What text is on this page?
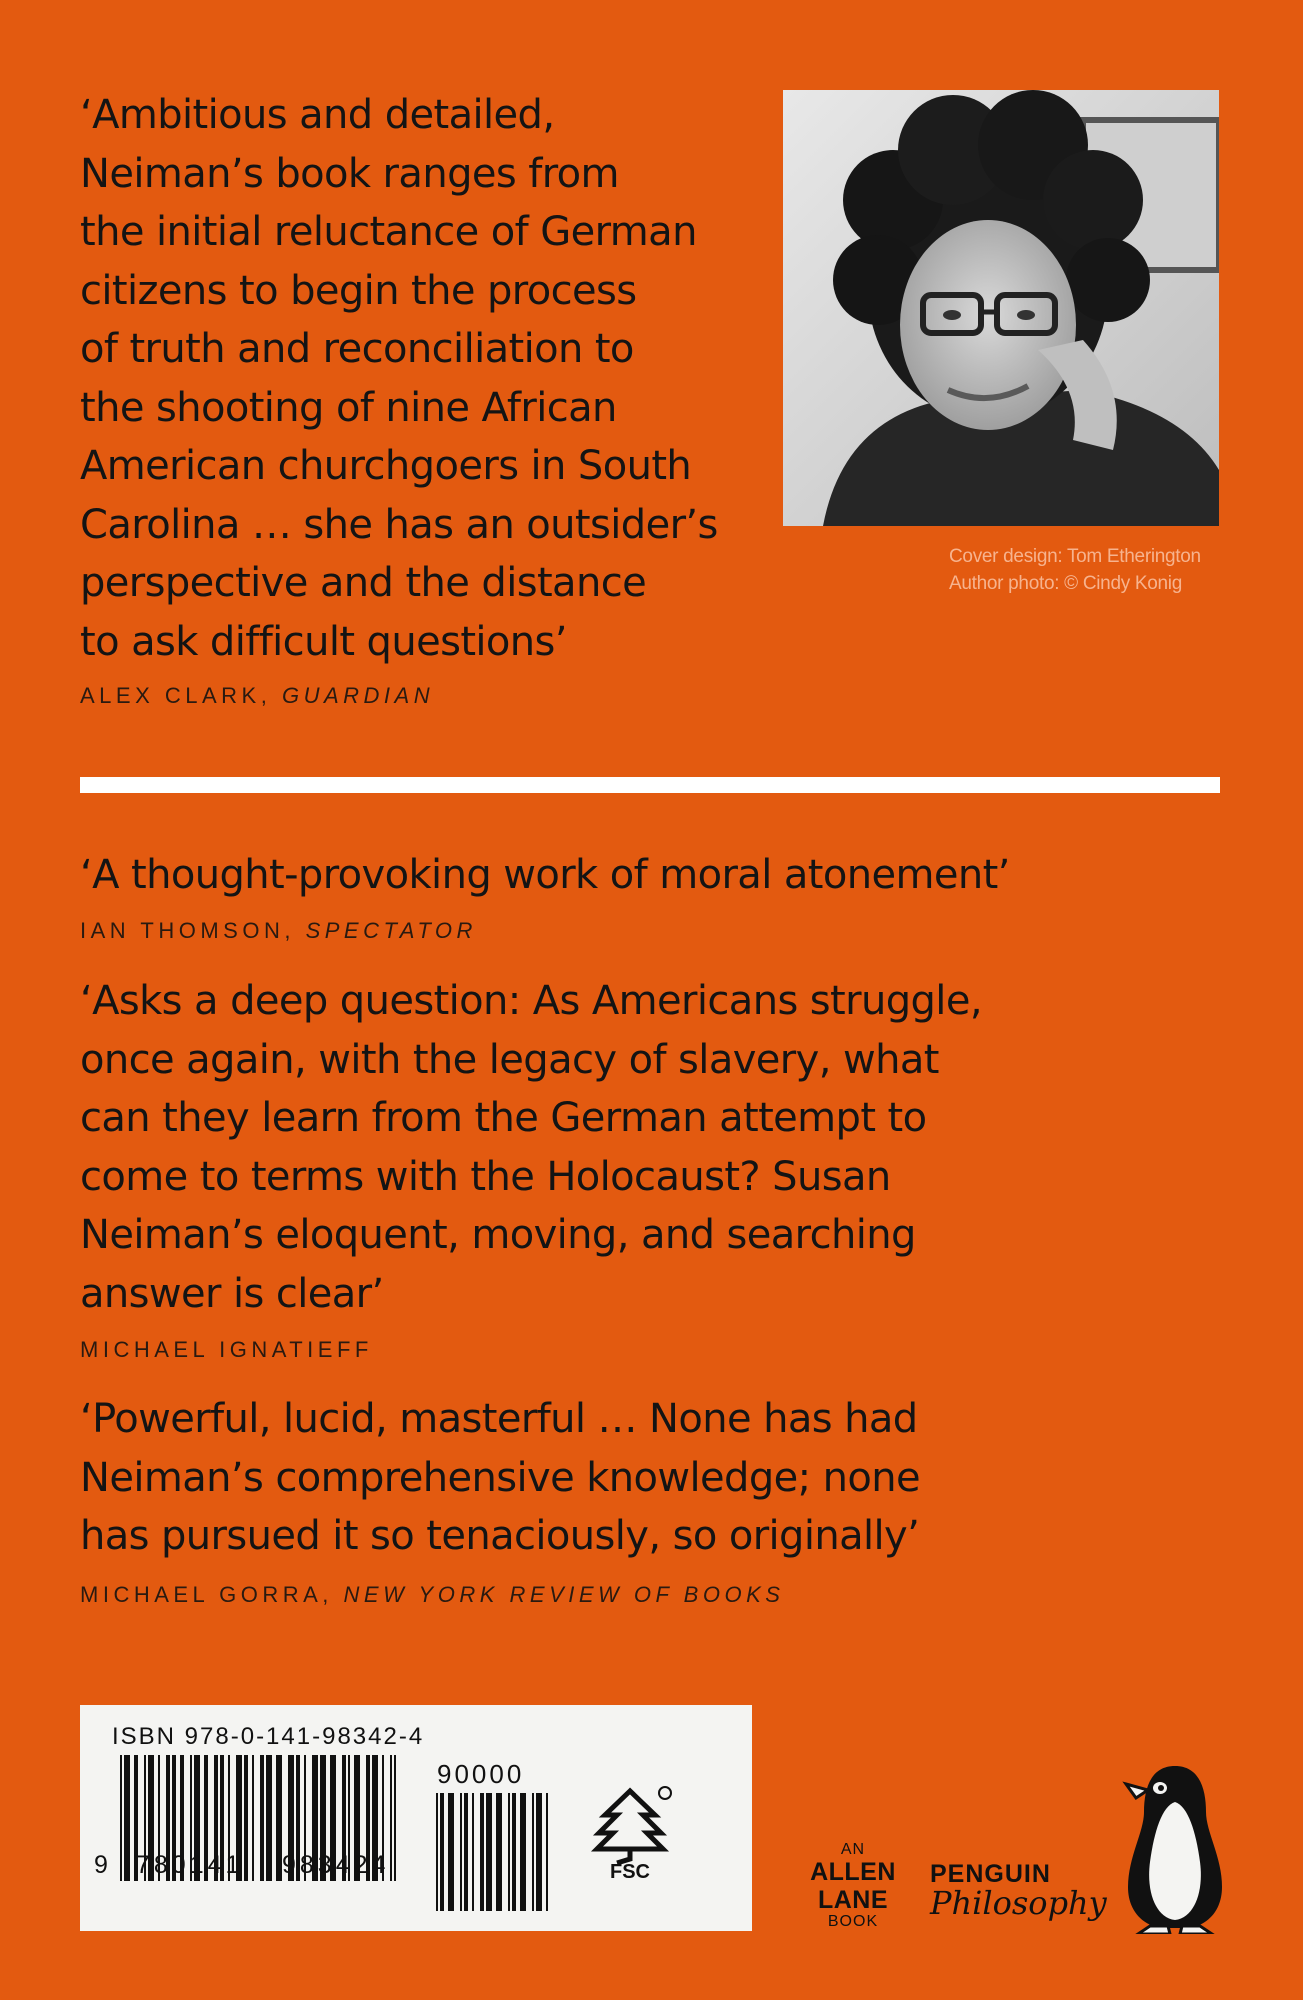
‘Ambitious and detailed,
Neiman’s book ranges from
the initial reluctance of German
citizens to begin the process
of truth and reconciliation to
the shooting of nine African
American churchgoers in South
Carolina … she has an outsider’s
perspective and the distance
to ask difficult questions’
ALEX CLARK, GUARDIAN
Cover design: Tom Etherington
Author photo: © Cindy Konig
‘A thought-provoking work of moral atonement’
IAN THOMSON, SPECTATOR
‘Asks a deep question: As Americans struggle,
once again, with the legacy of slavery, what
can they learn from the German attempt to
come to terms with the Holocaust? Susan
Neiman’s eloquent, moving, and searching
answer is clear’
MICHAEL IGNATIEFF
‘Powerful, lucid, masterful … None has had
Neiman’s comprehensive knowledge; none
has pursued it so tenaciously, so originally’
MICHAEL GORRA, NEW YORK REVIEW OF BOOKS
ISBN 978-0-141-98342-4
90000
9 780141 983424	FSC
AN
ALLEN
LANE
BOOK
PENGUIN
Philosophy
